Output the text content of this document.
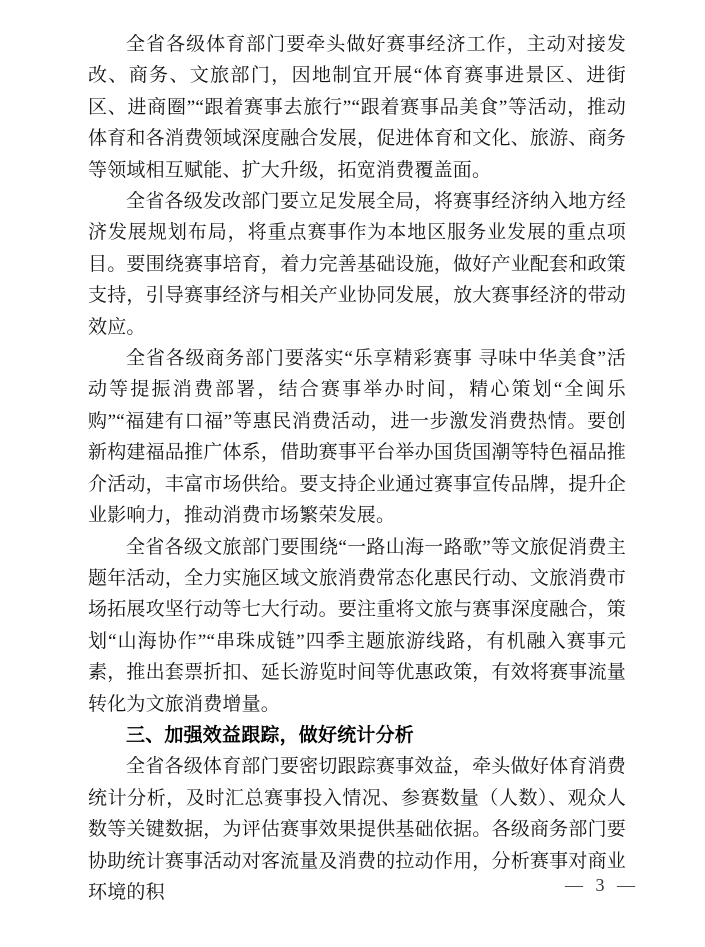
全省各级体育部门要牵头做好赛事经济工作，主动对接发改、商务、文旅部门，因地制宜开展“体育赛事进景区、进街区、进商圈”“跟着赛事去旅行”“跟着赛事品美食”等活动，推动体育和各消费领域深度融合发展，促进体育和文化、旅游、商务等领域相互赋能、扩大升级，拓宽消费覆盖面。

全省各级发改部门要立足发展全局，将赛事经济纳入地方经济发展规划布局，将重点赛事作为本地区服务业发展的重点项目。要围绕赛事培育，着力完善基础设施，做好产业配套和政策支持，引导赛事经济与相关产业协同发展，放大赛事经济的带动效应。

全省各级商务部门要落实“乐享精彩赛事 寻味中华美食”活动等提振消费部署，结合赛事举办时间，精心策划“全闽乐购”“福建有口福”等惠民消费活动，进一步激发消费热情。要创新构建福品推广体系，借助赛事平台举办国货国潮等特色福品推介活动，丰富市场供给。要支持企业通过赛事宣传品牌，提升企业影响力，推动消费市场繁荣发展。

全省各级文旅部门要围绕“一路山海一路歌”等文旅促消费主题年活动，全力实施区域文旅消费常态化惠民行动、文旅消费市场拓展攻坚行动等七大行动。要注重将文旅与赛事深度融合，策划“山海协作”“串珠成链”四季主题旅游线路，有机融入赛事元素，推出套票折扣、延长游览时间等优惠政策，有效将赛事流量转化为文旅消费增量。

三、加强效益跟踪，做好统计分析

全省各级体育部门要密切跟踪赛事效益，牵头做好体育消费统计分析，及时汇总赛事投入情况、参赛数量（人数）、观众人数等关键数据，为评估赛事效果提供基础依据。各级商务部门要协助统计赛事活动对客流量及消费的拉动作用，分析赛事对商业环境的积	— 3 —
